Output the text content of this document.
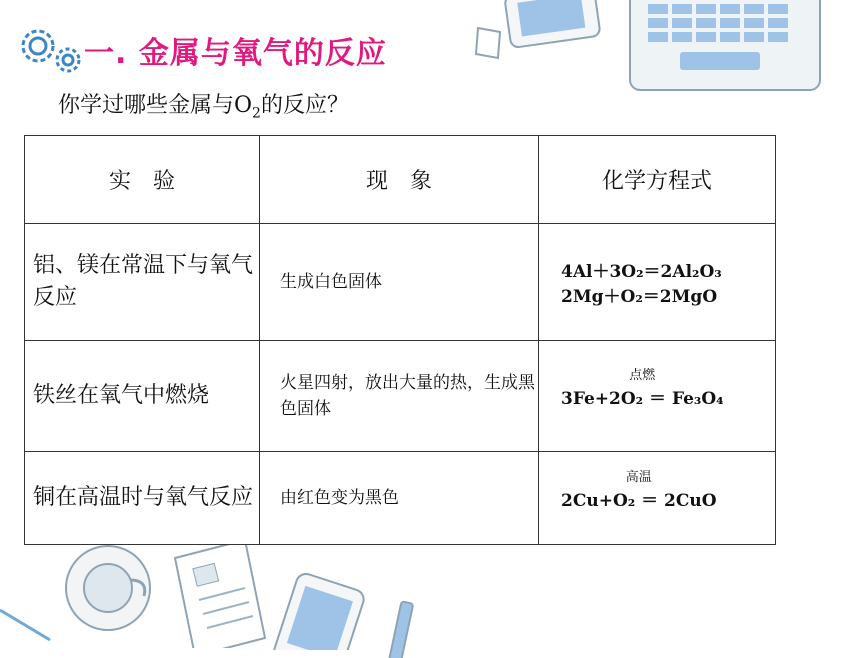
一. 金属与氧气的反应
你学过哪些金属与$O_2$的反应？
实　验	现　象	化学方程式
铝、镁在常温下与氧气反应	生成白色固体	4Al＋3O₂＝2Al₂O₃
2Mg＋O₂＝2MgO

铁丝在氧气中燃烧	火星四射，放出大量的热，生成黑色固体	点燃
3Fe+2O₂ ＝ Fe₃O₄
铜在高温时与氧气反应	由红色变为黑色	高温
2Cu+O₂ ＝ 2CuO
